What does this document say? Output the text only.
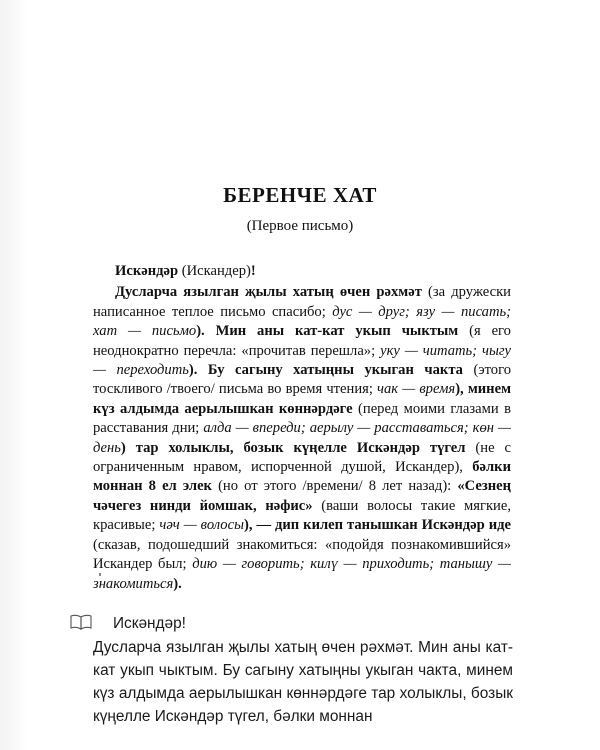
БЕРЕНЧЕ ХАТ
(Первое письмо)

Искәндәр (Искандер)!

Дусларча язылган җылы хатың өчен рәхмәт (за дружески написанное теплое письмо спасибо; дус — друг; язу — писать; хат — письмо). Мин аны кат-кат укып чыктым (я его неоднократно перечла: «прочитав перешла»; уку — читать; чыгу — переходить). Бу сагыну хатыңны укыган чакта (этого тоскливого /твоего/ письма во время чтения; чак — время), минем күз алдымда аерылышкан көннәрдәге (перед моими глазами в расставания дни; алда — впереди; аерылу — расставаться; көн — день) тар холыклы, бозык күңелле Искәндәр түгел (не с ограниченным нравом, испорченной душой, Искандер), бәлки моннан 8 ел элек (но от этого /времени/ 8 лет назад): «Сезнең чәчегез нинди йомшак, нәфис» (ваши волосы такие мягкие, красивые; чәч — волосы), — дип килеп танышкан Искәндәр иде (сказав, подошедший знакомиться: «подойдя познакомившийся» Искандер был; дию — говорить; килү — приходить; танышу — знакомиться).

Искәндәр!

Дусларча язылган җылы хатың өчен рәхмәт. Мин аны кат-кат укып чыктым. Бу сагыну хатыңны укыган чакта, минем күз алдымда аерылышкан көннәрдәге тар холыклы, бозык күңелле Искәндәр түгел, бәлки моннан
